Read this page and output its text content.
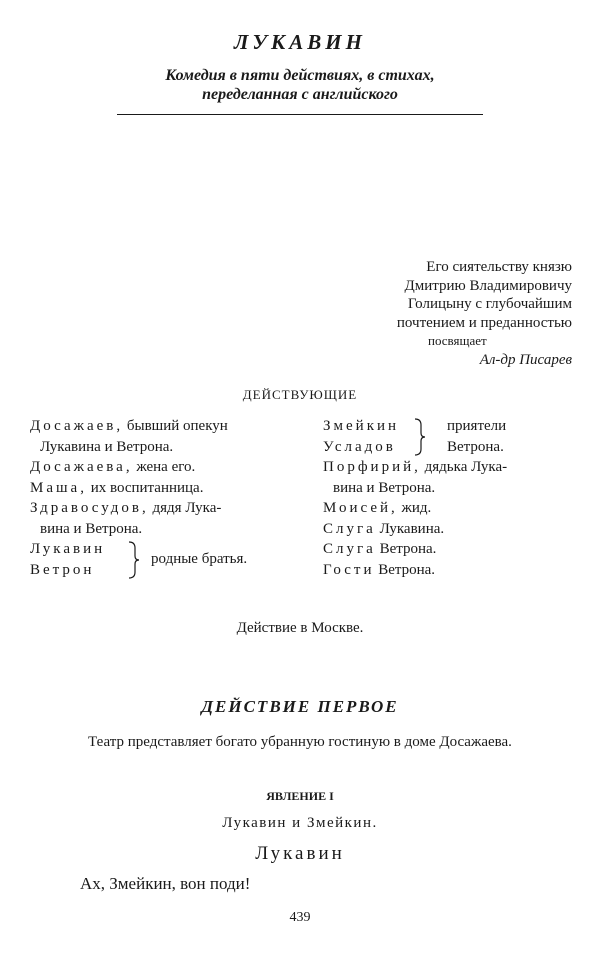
ЛУКАВИН
Комедия в пяти действиях, в стихах,
переделанная с английского
Его сиятельству князю
Дмитрию Владимировичу
Голицыну с глубочайшим
почтением и преданностью
посвящает
Ал-др Писарев
ДЕЙСТВУЮЩИЕ
Досажаев, бывший опекун
Лукавина и Ветрона.
Досажаева, жена его.
Маша, их воспитанница.
Здравосудов, дядя Лука-
вина и Ветрона.
Лукавин
Ветрон
родные братья.
Змейкин
Усладов
приятели
Ветрона.
Порфирий, дядька Лука-
вина и Ветрона.
Моисей, жид.
Слуга Лукавина.
Слуга Ветрона.
Гости Ветрона.
Действие в Москве.
ДЕЙСТВИЕ ПЕРВОЕ
Театр представляет богато убранную гостиную в доме Досажаева.
ЯВЛЕНИЕ I
Лукавин и Змейкин.
Лукавин
Ах, Змейкин, вон поди!
439
